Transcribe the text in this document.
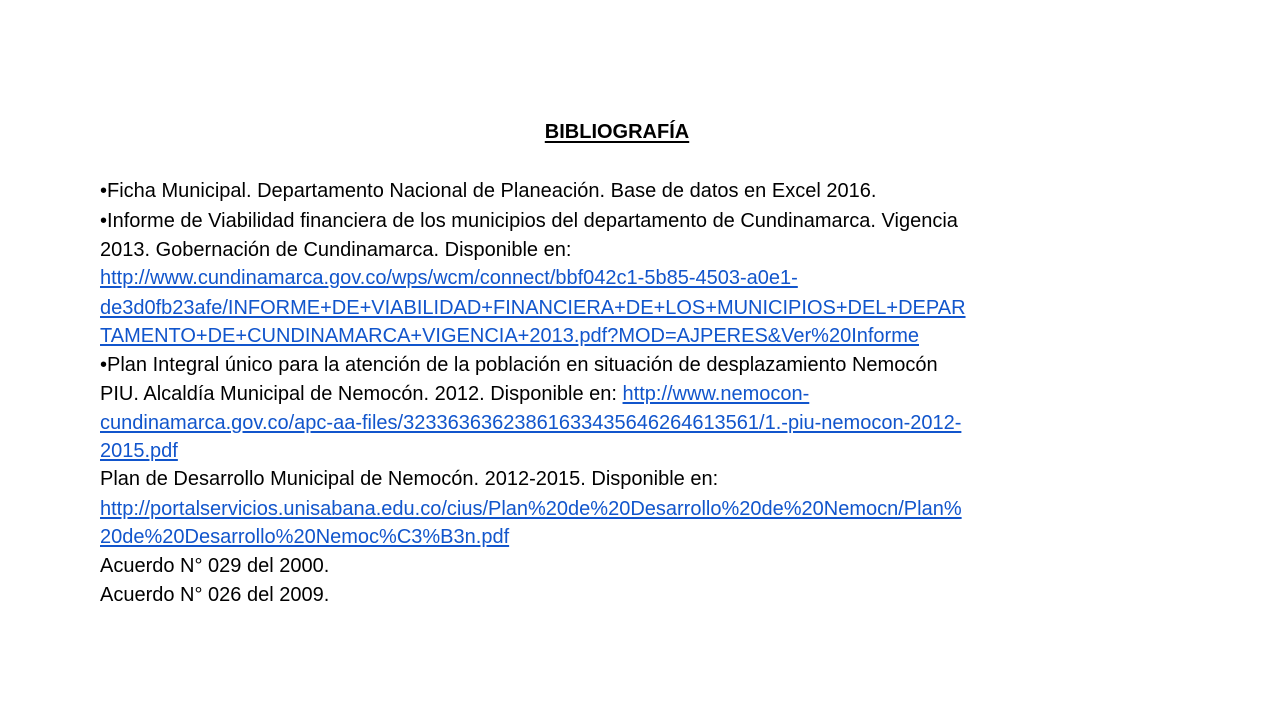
BIBLIOGRAFÍA

•Ficha Municipal. Departamento Nacional de Planeación. Base de datos en Excel 2016.

•Informe de Viabilidad financiera de los municipios del departamento de Cundinamarca. Vigencia

2013. Gobernación de Cundinamarca. Disponible en:

http://www.cundinamarca.gov.co/wps/wcm/connect/bbf042c1-5b85-4503-a0e1-

de3d0fb23afe/INFORME+DE+VIABILIDAD+FINANCIERA+DE+LOS+MUNICIPIOS+DEL+DEPAR

TAMENTO+DE+CUNDINAMARCA+VIGENCIA+2013.pdf?MOD=AJPERES&Ver%20Informe

•Plan Integral único para la atención de la población en situación de desplazamiento Nemocón

PIU. Alcaldía Municipal de Nemocón. 2012. Disponible en: http://www.nemocon-

cundinamarca.gov.co/apc-aa-files/32336363623861633435646264613561/1.-piu-nemocon-2012-

2015.pdf

Plan de Desarrollo Municipal de Nemocón. 2012-2015. Disponible en:

http://portalservicios.unisabana.edu.co/cius/Plan%20de%20Desarrollo%20de%20Nemocn/Plan%

20de%20Desarrollo%20Nemoc%C3%B3n.pdf

Acuerdo N° 029 del 2000.

Acuerdo N° 026 del 2009.
